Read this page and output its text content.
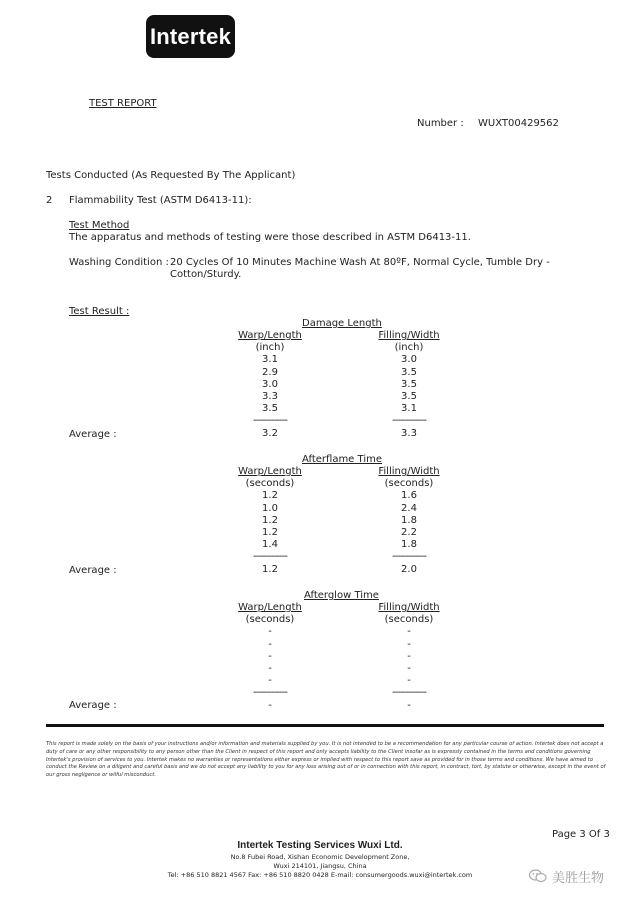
Intertek
TEST REPORT
Number : WUXT00429562
Tests Conducted (As Requested By The Applicant)
2 Flammability Test (ASTM D6413-11):
Test Method
The apparatus and methods of testing were those described in ASTM D6413-11.
Washing Condition : 20 Cycles Of 10 Minutes Machine Wash At 80ºF, Normal Cycle, Tumble Dry -
Cotton/Sturdy.
Test Result :
Damage Length
Warp/Length
(inch)
3.1
2.9
3.0
3.3
3.5
-------------
3.2
Filling/Width
(inch)
3.0
3.5
3.5
3.5
3.1
-------------
3.3
Average :
Afterflame Time
Warp/Length
(seconds)
1.2
1.0
1.2
1.2
1.4
-------------
1.2
Filling/Width
(seconds)
1.6
2.4
1.8
2.2
1.8
-------------
2.0
Average :
Afterglow Time
Warp/Length
(seconds)
-
-
-
-
-
-------------
-
Filling/Width
(seconds)
-
-
-
-
-
-------------
-
Average :
This report is made solely on the basis of your instructions and/or information and materials supplied by you. It is not intended to be a recommendation for any particular course of action. Intertek does not accept a duty of care or any other responsibility to any person other than the Client in respect of this report and only accepts liability to the Client insofar as is expressly contained in the terms and conditions governing Intertek's provision of services to you. Intertek makes no warranties or representations either express or implied with respect to this report save as provided for in those terms and conditions. We have aimed to conduct the Review on a diligent and careful basis and we do not accept any liability to you for any loss arising out of or in connection with this report, in contract, tort, by statute or otherwise, except in the event of our gross negligence or wilful misconduct.
Page 3 Of 3
Intertek Testing Services Wuxi Ltd.
No.8 Fubei Road, Xishan Economic Development Zone,
Wuxi 214101, Jiangsu, China
Tel: +86 510 8821 4567 Fax: +86 510 8820 0428 E-mail: consumergoods.wuxi@intertek.com	美胜生物
